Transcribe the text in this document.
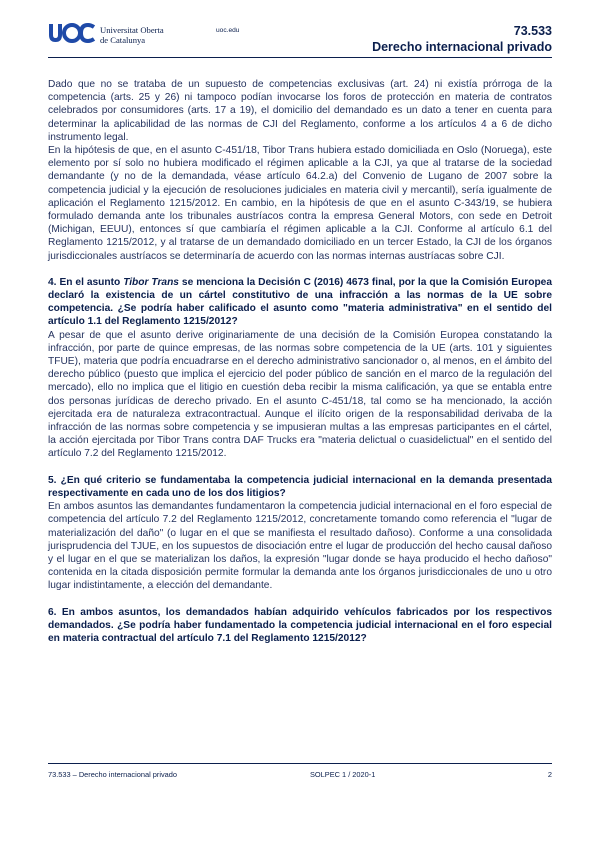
Universitat Oberta
de Catalunya
uoc.edu	73.533
Derecho internacional privado

Dado que no se trataba de un supuesto de competencias exclusivas (art. 24) ni existía prórroga de la competencia (arts. 25 y 26) ni tampoco podían invocarse los foros de protección en materia de contratos celebrados por consumidores (arts. 17 a 19), el domicilio del demandado es un dato a tener en cuenta para determinar la aplicabilidad de las normas de CJI del Reglamento, conforme a los artículos 4 a 6 de dicho instrumento legal.

En la hipótesis de que, en el asunto C-451/18, Tibor Trans hubiera estado domiciliada en Oslo (Noruega), este elemento por sí solo no hubiera modificado el régimen aplicable a la CJI, ya que al tratarse de la sociedad demandante (y no de la demandada, véase artículo 64.2.a) del Convenio de Lugano de 2007 sobre la competencia judicial y la ejecución de resoluciones judiciales en materia civil y mercantil), sería igualmente de aplicación el Reglamento 1215/2012. En cambio, en la hipótesis de que en el asunto C-343/19, se hubiera formulado demanda ante los tribunales austríacos contra la empresa General Motors, con sede en Detroit (Michigan, EEUU), entonces sí que cambiaría el régimen aplicable a la CJI. Conforme al artículo 6.1 del Reglamento 1215/2012, y al tratarse de un demandado domiciliado en un tercer Estado, la CJI de los órganos jurisdiccionales austríacos se determinaría de acuerdo con las normas internas austríacas sobre CJI.

4. En el asunto Tibor Trans se menciona la Decisión C (2016) 4673 final, por la que la Comisión Europea declaró la existencia de un cártel constitutivo de una infracción a las normas de la UE sobre competencia. ¿Se podría haber calificado el asunto como "materia administrativa" en el sentido del artículo 1.1 del Reglamento 1215/2012?

A pesar de que el asunto derive originariamente de una decisión de la Comisión Europea constatando la infracción, por parte de quince empresas, de las normas sobre competencia de la UE (arts. 101 y siguientes TFUE), materia que podría encuadrarse en el derecho administrativo sancionador o, al menos, en el ámbito del derecho público (puesto que implica el ejercicio del poder público de sanción en el marco de la regulación del mercado), ello no implica que el litigio en cuestión deba recibir la misma calificación, ya que se entabla entre dos personas jurídicas de derecho privado. En el asunto C-451/18, tal como se ha mencionado, la acción ejercitada era de naturaleza extracontractual. Aunque el ilícito origen de la responsabilidad derivaba de la infracción de las normas sobre competencia y se impusieran multas a las empresas participantes en el cártel, la acción ejercitada por Tibor Trans contra DAF Trucks era "materia delictual o cuasidelictual" en el sentido del artículo 7.2 del Reglamento 1215/2012.

5. ¿En qué criterio se fundamentaba la competencia judicial internacional en la demanda presentada respectivamente en cada uno de los dos litigios?

En ambos asuntos las demandantes fundamentaron la competencia judicial internacional en el foro especial de competencia del artículo 7.2 del Reglamento 1215/2012, concretamente tomando como referencia el "lugar de materialización del daño" (o lugar en el que se manifiesta el resultado dañoso). Conforme a una consolidada jurisprudencia del TJUE, en los supuestos de disociación entre el lugar de producción del hecho causal dañoso y el lugar en el que se materializan los daños, la expresión "lugar donde se haya producido el hecho dañoso" contenida en la citada disposición permite formular la demanda ante los órganos jurisdiccionales de uno u otro lugar indistintamente, a elección del demandante.

6. En ambos asuntos, los demandados habían adquirido vehículos fabricados por los respectivos demandados. ¿Se podría haber fundamentado la competencia judicial internacional en el foro especial en materia contractual del artículo 7.1 del Reglamento 1215/2012?

73.533 – Derecho internacional privado	SOLPEC 1 / 2020-1	2
